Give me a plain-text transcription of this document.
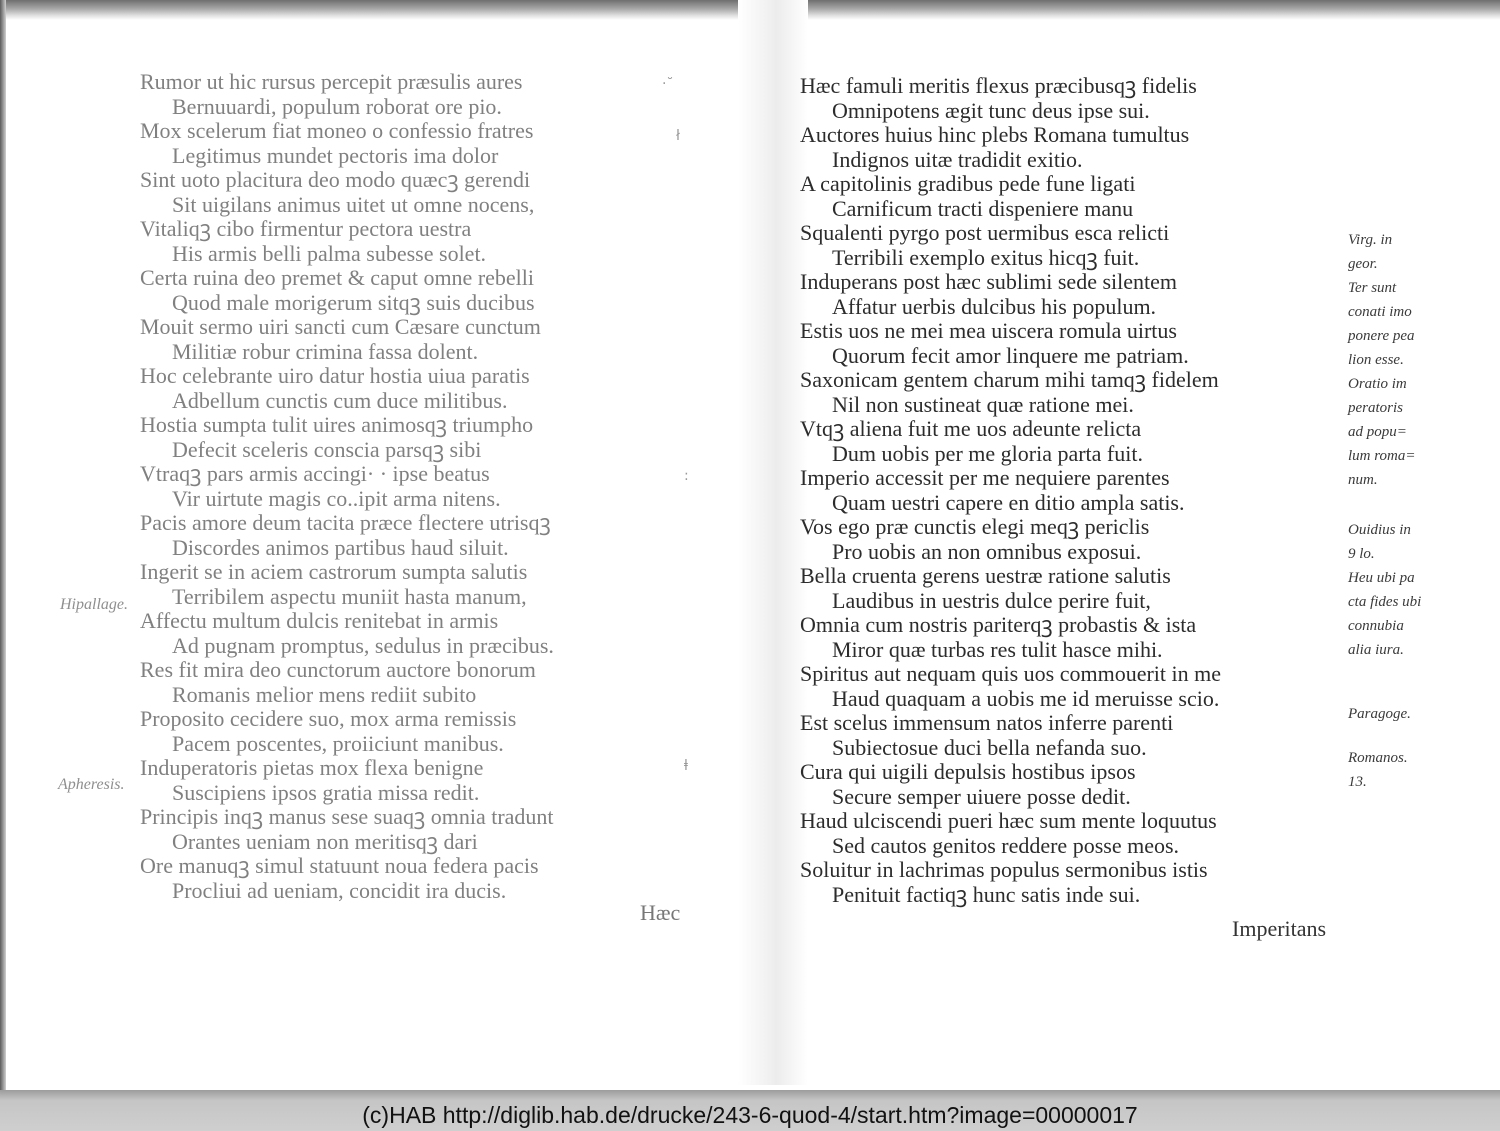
Rumor ut hic rursus percepit præsulis aures
Bernuuardi, populum roborat ore pio.
Mox scelerum fiat moneo o confessio fratres
Legitimus mundet pectoris ima dolor
Sint uoto placitura deo modo quæcꝫ gerendi
Sit uigilans animus uitet ut omne nocens,
Vitaliqꝫ cibo firmentur pectora uestra
His armis belli palma subesse solet.
Certa ruina deo premet & caput omne rebelli
Quod male morigerum sitqꝫ suis ducibus
Mouit sermo uiri sancti cum Cæsare cunctum
Militiæ robur crimina fassa dolent.
Hoc celebrante uiro datur hostia uiua paratis
Adbellum cunctis cum duce militibus.
Hostia sumpta tulit uires animosqꝫ triumpho
Defecit sceleris conscia parsqꝫ sibi
Vtraqꝫ pars armis accingi· · ipse beatus
Vir uirtute magis co..ipit arma nitens.
Pacis amore deum tacita præce flectere utrisqꝫ
Discordes animos partibus haud siluit.
Ingerit se in aciem castrorum sumpta salutis
Terribilem aspectu muniit hasta manum,
Affectu multum dulcis renitebat in armis
Ad pugnam promptus, sedulus in præcibus.
Res fit mira deo cunctorum auctore bonorum
Romanis melior mens rediit subito
Proposito cecidere suo, mox arma remissis
Pacem poscentes, proiiciunt manibus.
Induperatoris pietas mox flexa benigne
Suscipiens ipsos gratia missa redit.
Principis inqꝫ manus sese suaqꝫ omnia tradunt
Orantes ueniam non meritisqꝫ dari
Ore manuqꝫ simul statuunt noua federa pacis
Procliui ad ueniam, concidit ira ducis.
Hipallage.
Apheresis.
Hæc
·˘
ł
:
ⱡ
Hæc famuli meritis flexus præcibusqꝫ fidelis
Omnipotens ægit tunc deus ipse sui.
Auctores huius hinc plebs Romana tumultus
Indignos uitæ tradidit exitio.
A capitolinis gradibus pede fune ligati
Carnificum tracti dispeniere manu
Squalenti pyrgo post uermibus esca relicti
Terribili exemplo exitus hicqꝫ fuit.
Induperans post hæc sublimi sede silentem
Affatur uerbis dulcibus his populum.
Estis uos ne mei mea uiscera romula uirtus
Quorum fecit amor linquere me patriam.
Saxonicam gentem charum mihi tamqꝫ fidelem
Nil non sustineat quæ ratione mei.
Vtqꝫ aliena fuit me uos adeunte relicta
Dum uobis per me gloria parta fuit.
Imperio accessit per me nequiere parentes
Quam uestri capere en ditio ampla satis.
Vos ego præ cunctis elegi meqꝫ periclis
Pro uobis an non omnibus exposui.
Bella cruenta gerens uestræ ratione salutis
Laudibus in uestris dulce perire fuit,
Omnia cum nostris pariterqꝫ probastis & ista
Miror quæ turbas res tulit hasce mihi.
Spiritus aut nequam quis uos commouerit in me
Haud quaquam a uobis me id meruisse scio.
Est scelus immensum natos inferre parenti
Subiectosue duci bella nefanda suo.
Cura qui uigili depulsis hostibus ipsos
Secure semper uiuere posse dedit.
Haud ulciscendi pueri hæc sum mente loquutus
Sed cautos genitos reddere posse meos.
Soluitur in lachrimas populus sermonibus istis
Penituit factiqꝫ hunc satis inde sui.
Virg. in
geor.
Ter sunt
conati imo
ponere pea
lion esse.
Oratio im
peratoris
ad popu=
lum roma=
num.
Ouidius in
9 lo.
Heu ubi pa
cta fides ubi
connubia
alia iura.
Paragoge.
Romanos.
13.
Imperitans
(c)HAB http://diglib.hab.de/drucke/243-6-quod-4/start.htm?image=00000017
